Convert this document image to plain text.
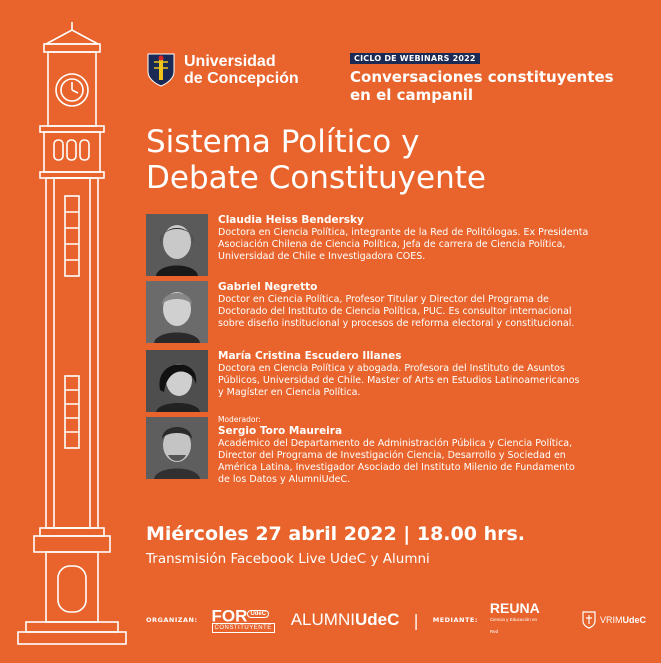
Universidad
de Concepción
CICLO DE WEBINARS 2022
Conversaciones constituyentes
en el campanil
Sistema Político y
Debate Constituyente
Claudia Heiss Bendersky
Doctora en Ciencia Política, integrante de la Red de Politólogas. Ex Presidenta
Asociación Chilena de Ciencia Política, Jefa de carrera de Ciencia Política,
Universidad de Chile e Investigadora COES.
Gabriel Negretto
Doctor en Ciencia Política, Profesor Titular y Director del Programa de
Doctorado del Instituto de Ciencia Política, PUC. Es consultor internacional
sobre diseño institucional y procesos de reforma electoral y constitucional.
María Cristina Escudero Illanes
Doctora en Ciencia Política y abogada. Profesora del Instituto de Asuntos
Públicos, Universidad de Chile. Master of Arts en Estudios Latinoamericanos
y Magíster en Ciencia Política.
Moderador:
Sergio Toro Maureira
Académico del Departamento de Administración Pública y Ciencia Política,
Director del Programa de Investigación Ciencia, Desarrollo y Sociedad en
América Latina, Investigador Asociado del Instituto Milenio de Fundamento
de los Datos y AlumniUdeC.
Miércoles 27 abril 2022 | 18.00 hrs.
Transmisión Facebook Live UdeC y Alumni
ORGANIZAN: FOR $^{UdeC}$
CONSTITUYENTE ALUMNIUdeC | MEDIANTE:
REUNA
Ciencia y Educación en Red
VRIMUdeC
